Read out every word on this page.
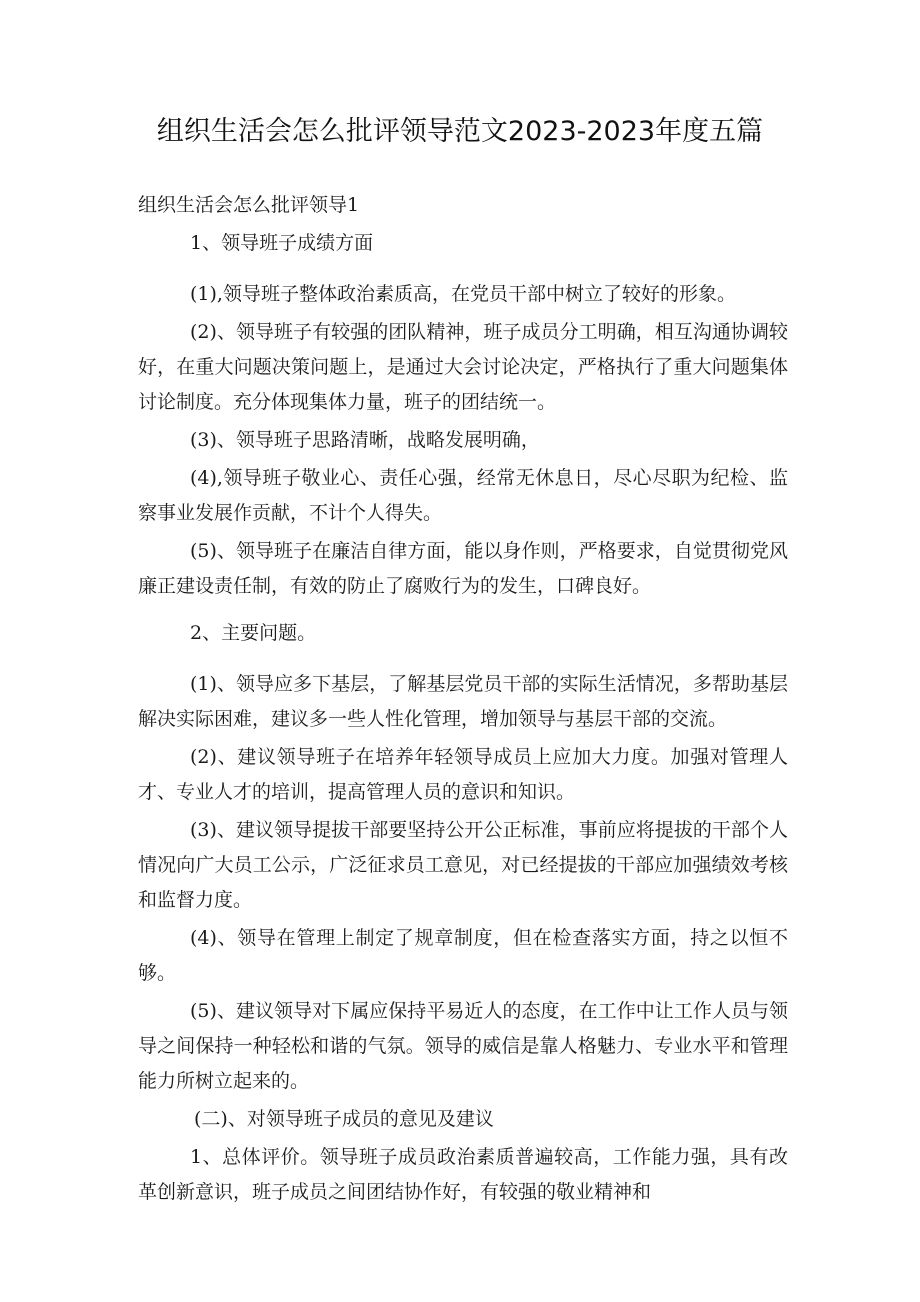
组织生活会怎么批评领导范文2023-2023年度五篇

组织生活会怎么批评领导1

1、领导班子成绩方面

(1),领导班子整体政治素质高，在党员干部中树立了较好的形象。

(2)、领导班子有较强的团队精神，班子成员分工明确，相互沟通协调较好，在重大问题决策问题上，是通过大会讨论决定，严格执行了重大问题集体讨论制度。充分体现集体力量，班子的团结统一。

(3)、领导班子思路清晰，战略发展明确，

(4),领导班子敬业心、责任心强，经常无休息日，尽心尽职为纪检、监察事业发展作贡献，不计个人得失。

(5)、领导班子在廉洁自律方面，能以身作则，严格要求，自觉贯彻党风廉正建设责任制，有效的防止了腐败行为的发生，口碑良好。

2、主要问题。

(1)、领导应多下基层，了解基层党员干部的实际生活情况，多帮助基层解决实际困难，建议多一些人性化管理，增加领导与基层干部的交流。

(2)、建议领导班子在培养年轻领导成员上应加大力度。加强对管理人才、专业人才的培训，提高管理人员的意识和知识。

(3)、建议领导提拔干部要坚持公开公正标准，事前应将提拔的干部个人情况向广大员工公示，广泛征求员工意见，对已经提拔的干部应加强绩效考核和监督力度。

(4)、领导在管理上制定了规章制度，但在检查落实方面，持之以恒不够。

(5)、建议领导对下属应保持平易近人的态度，在工作中让工作人员与领导之间保持一种轻松和谐的气氛。领导的威信是靠人格魅力、专业水平和管理能力所树立起来的。

(二)、对领导班子成员的意见及建议

1、总体评价。领导班子成员政治素质普遍较高，工作能力强，具有改革创新意识，班子成员之间团结协作好，有较强的敬业精神和
